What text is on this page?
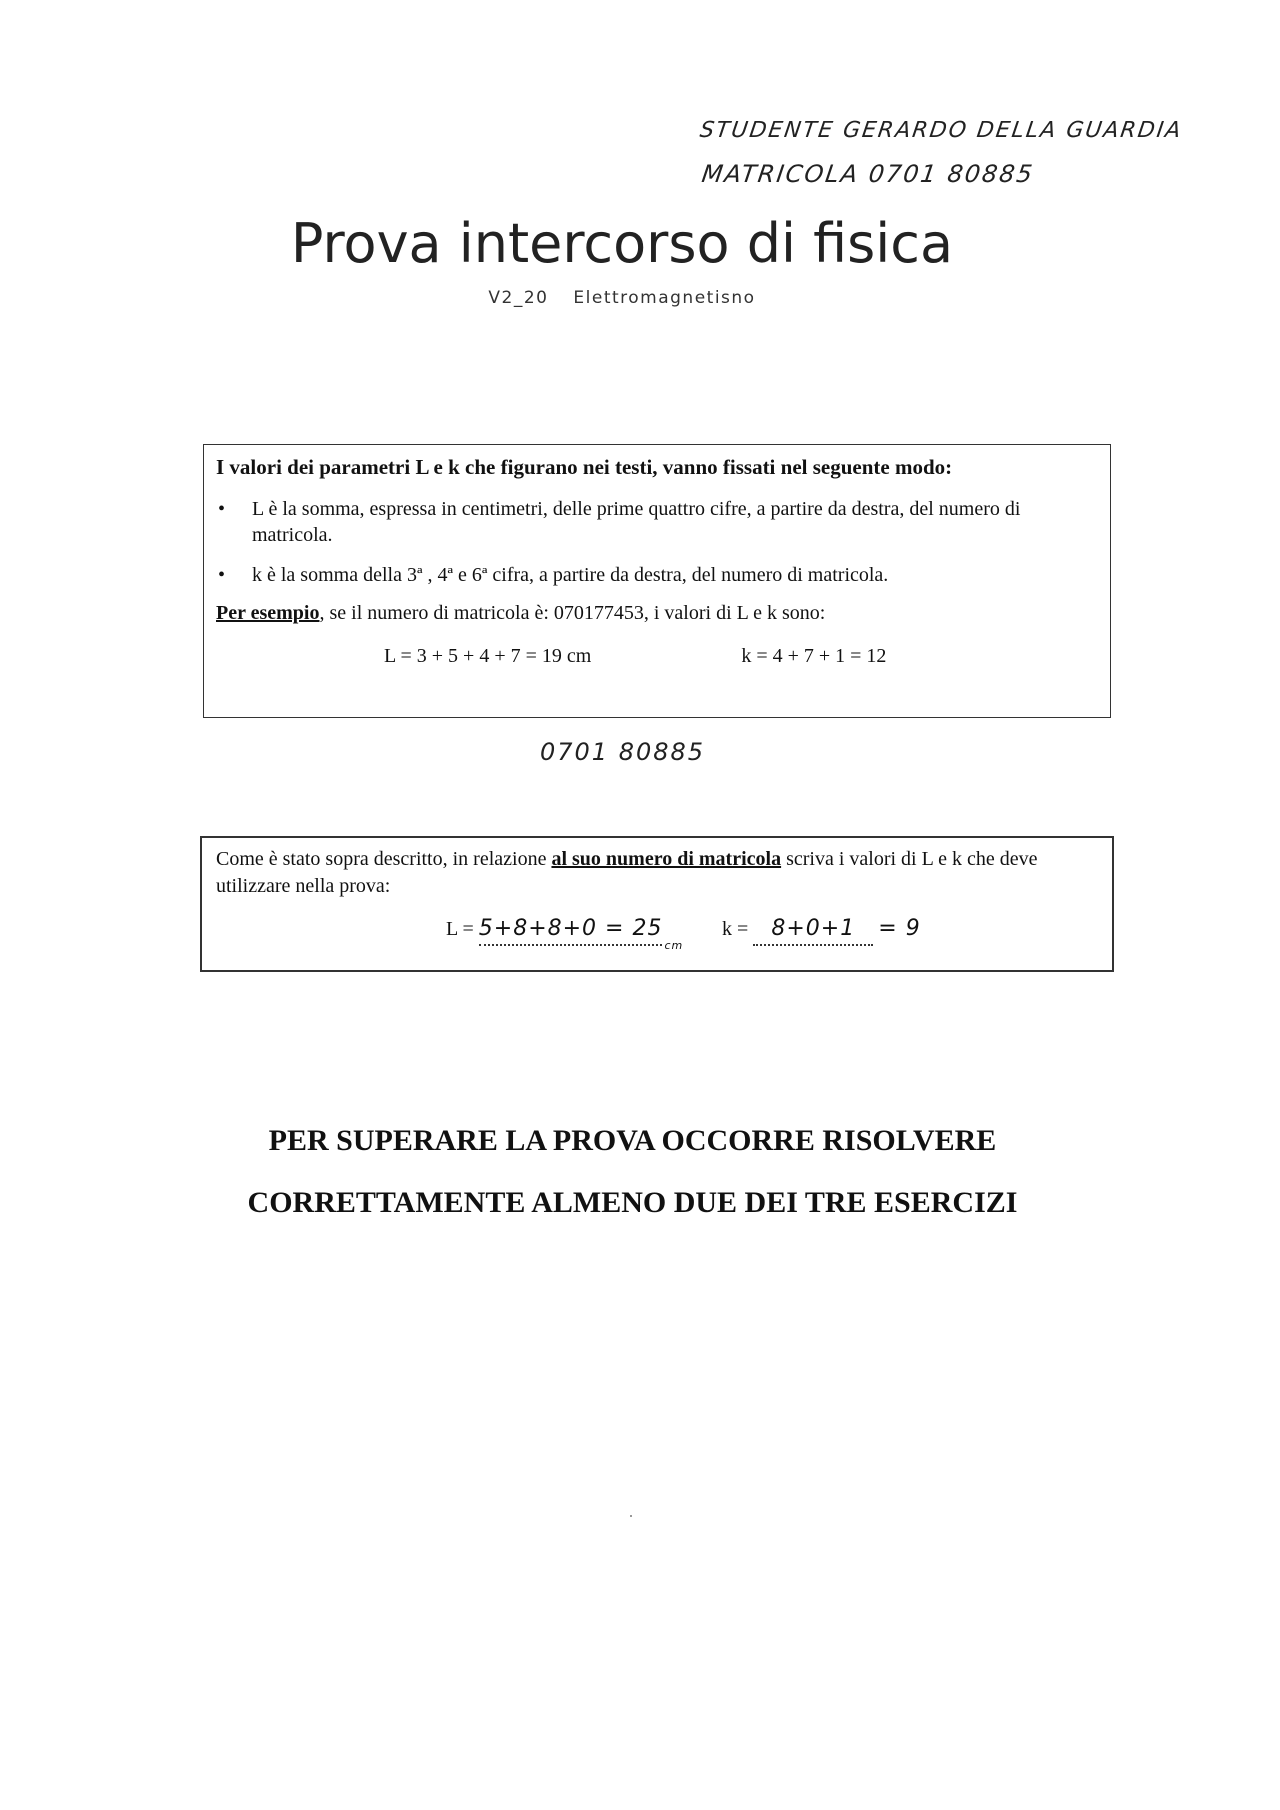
STUDENTE GERARDO DELLA GUARDIA
MATRICOLA 0701 80885
Prova intercorso di fisica
V2_20 Elettromagnetisno
I valori dei parametri L e k che figurano nei testi, vanno fissati nel seguente modo:
• L è la somma, espressa in centimetri, delle prime quattro cifre, a partire da destra, del numero di matricola.
• k è la somma della 3ª , 4ª e 6ª cifra, a partire da destra, del numero di matricola.
Per esempio, se il numero di matricola è: 070177453, i valori di L e k sono:
L = 3 + 5 + 4 + 7 = 19 cm	k = 4 + 7 + 1 = 12
0701 80885
Come è stato sopra descritto, in relazione al suo numero di matricola scriva i valori di L e k che deve utilizzare nella prova:
$L = 5+8+8+0 = 25_{cm}$
k = 8+0+1 = 9
PER SUPERARE LA PROVA OCCORRE RISOLVERE
CORRETTAMENTE ALMENO DUE DEI TRE ESERCIZI
